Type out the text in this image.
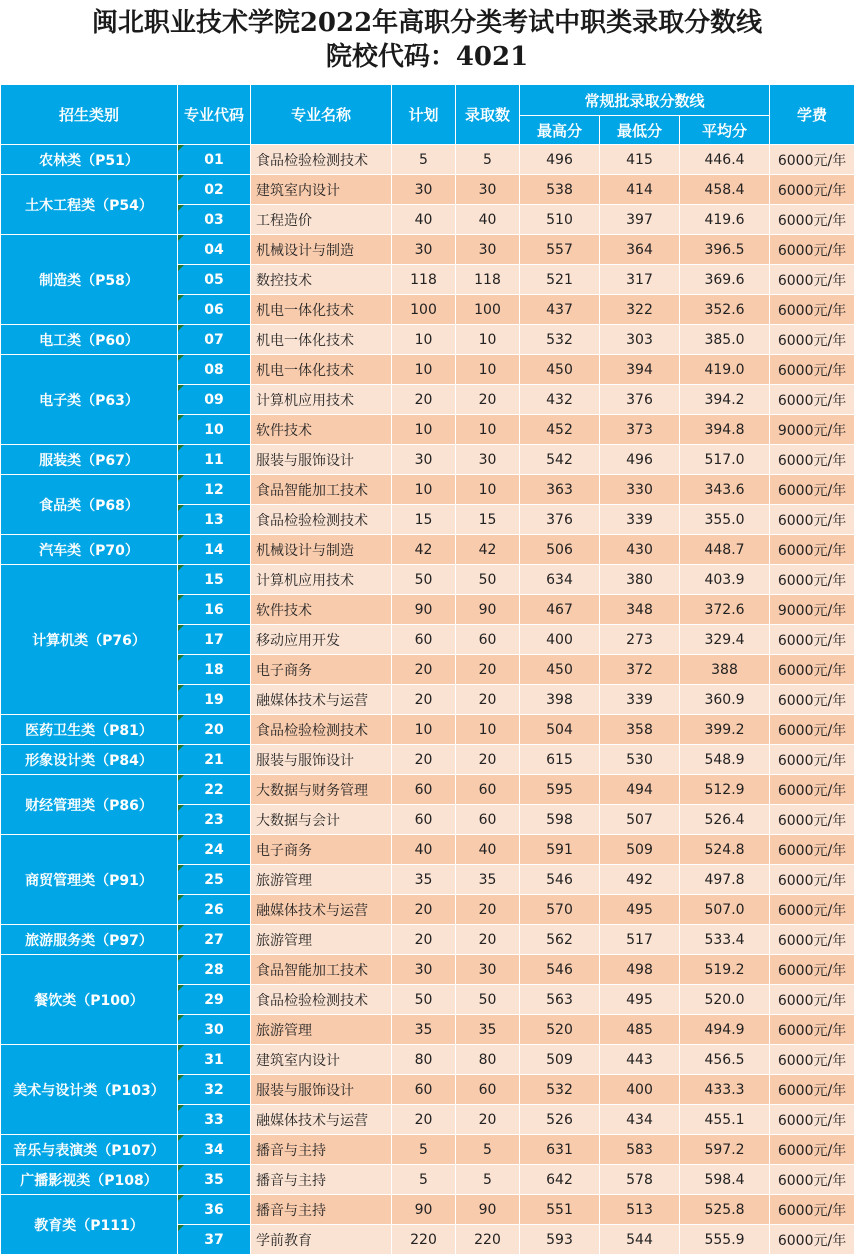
闽北职业技术学院2022年高职分类考试中职类录取分数线
院校代码：4021
招生类别	专业代码	专业名称	计划	录取数	常规批录取分数线			学费
					最高分	最低分	平均分	
农林类（P51）	01	食品检验检测技术	5	5	496	415	446.4	6000元/年
土木工程类（P54）	02	建筑室内设计	30	30	538	414	458.4	6000元/年
	03	工程造价	40	40	510	397	419.6	6000元/年
制造类（P58）	04	机械设计与制造	30	30	557	364	396.5	6000元/年
	05	数控技术	118	118	521	317	369.6	6000元/年
	06	机电一体化技术	100	100	437	322	352.6	6000元/年
电工类（P60）	07	机电一体化技术	10	10	532	303	385.0	6000元/年
电子类（P63）	08	机电一体化技术	10	10	450	394	419.0	6000元/年
	09	计算机应用技术	20	20	432	376	394.2	6000元/年
	10	软件技术	10	10	452	373	394.8	9000元/年
服装类（P67）	11	服装与服饰设计	30	30	542	496	517.0	6000元/年
食品类（P68）	12	食品智能加工技术	10	10	363	330	343.6	6000元/年
	13	食品检验检测技术	15	15	376	339	355.0	6000元/年
汽车类（P70）	14	机械设计与制造	42	42	506	430	448.7	6000元/年
计算机类（P76）	15	计算机应用技术	50	50	634	380	403.9	6000元/年
	16	软件技术	90	90	467	348	372.6	9000元/年
	17	移动应用开发	60	60	400	273	329.4	6000元/年
	18	电子商务	20	20	450	372	388	6000元/年
	19	融媒体技术与运营	20	20	398	339	360.9	6000元/年
医药卫生类（P81）	20	食品检验检测技术	10	10	504	358	399.2	6000元/年
形象设计类（P84）	21	服装与服饰设计	20	20	615	530	548.9	6000元/年
财经管理类（P86）	22	大数据与财务管理	60	60	595	494	512.9	6000元/年
	23	大数据与会计	60	60	598	507	526.4	6000元/年
商贸管理类（P91）	24	电子商务	40	40	591	509	524.8	6000元/年
	25	旅游管理	35	35	546	492	497.8	6000元/年
	26	融媒体技术与运营	20	20	570	495	507.0	6000元/年
旅游服务类（P97）	27	旅游管理	20	20	562	517	533.4	6000元/年
餐饮类（P100）	28	食品智能加工技术	30	30	546	498	519.2	6000元/年
	29	食品检验检测技术	50	50	563	495	520.0	6000元/年
	30	旅游管理	35	35	520	485	494.9	6000元/年
美术与设计类（P103）	31	建筑室内设计	80	80	509	443	456.5	6000元/年
	32	服装与服饰设计	60	60	532	400	433.3	6000元/年
	33	融媒体技术与运营	20	20	526	434	455.1	6000元/年
音乐与表演类（P107）	34	播音与主持	5	5	631	583	597.2	6000元/年
广播影视类（P108）	35	播音与主持	5	5	642	578	598.4	6000元/年
教育类（P111）	36	播音与主持	90	90	551	513	525.8	6000元/年
	37	学前教育	220	220	593	544	555.9	6000元/年
